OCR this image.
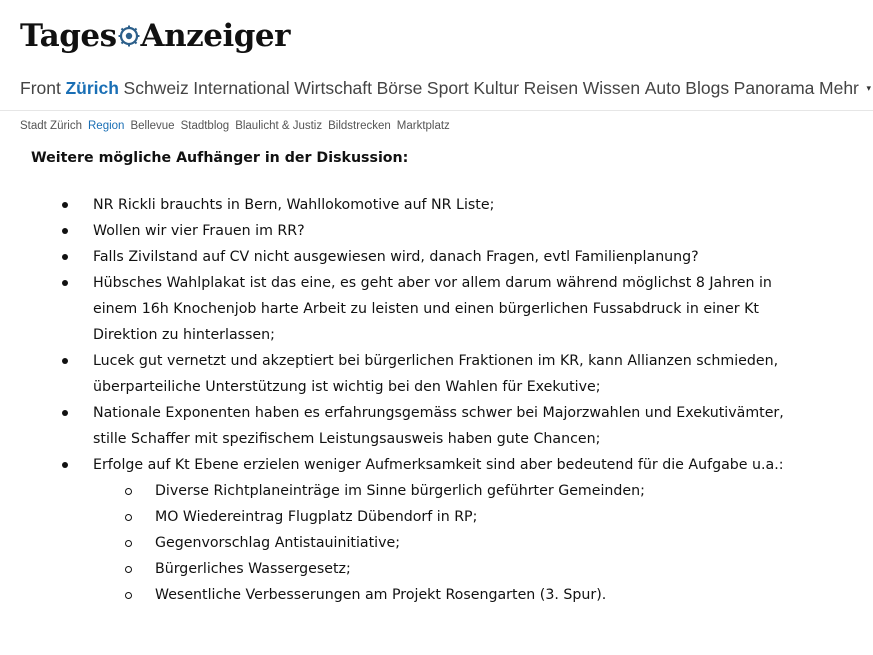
Tages Anzeiger
Front Zürich Schweiz International Wirtschaft Börse Sport Kultur Reisen Wissen Auto Blogs Panorama Mehr ▾
Stadt Zürich Region Bellevue Stadtblog Blaulicht & Justiz Bildstrecken Marktplatz
Weitere mögliche Aufhänger in der Diskussion:
NR Rickli brauchts in Bern, Wahllokomotive auf NR Liste;
Wollen wir vier Frauen im RR?
Falls Zivilstand auf CV nicht ausgewiesen wird, danach Fragen, evtl Familienplanung?
Hübsches Wahlplakat ist das eine, es geht aber vor allem darum während möglichst 8 Jahren in
einem 16h Knochenjob harte Arbeit zu leisten und einen bürgerlichen Fussabdruck in einer Kt
Direktion zu hinterlassen;
Lucek gut vernetzt und akzeptiert bei bürgerlichen Fraktionen im KR, kann Allianzen schmieden,
überparteiliche Unterstützung ist wichtig bei den Wahlen für Exekutive;
Nationale Exponenten haben es erfahrungsgemäss schwer bei Majorzwahlen und Exekutivämter,
stille Schaffer mit spezifischem Leistungsausweis haben gute Chancen;
Erfolge auf Kt Ebene erzielen weniger Aufmerksamkeit sind aber bedeutend für die Aufgabe u.a.:
Diverse Richtplaneinträge im Sinne bürgerlich geführter Gemeinden;
MO Wiedereintrag Flugplatz Dübendorf in RP;
Gegenvorschlag Antistauinitiative;
Bürgerliches Wassergesetz;
Wesentliche Verbesserungen am Projekt Rosengarten (3. Spur).
